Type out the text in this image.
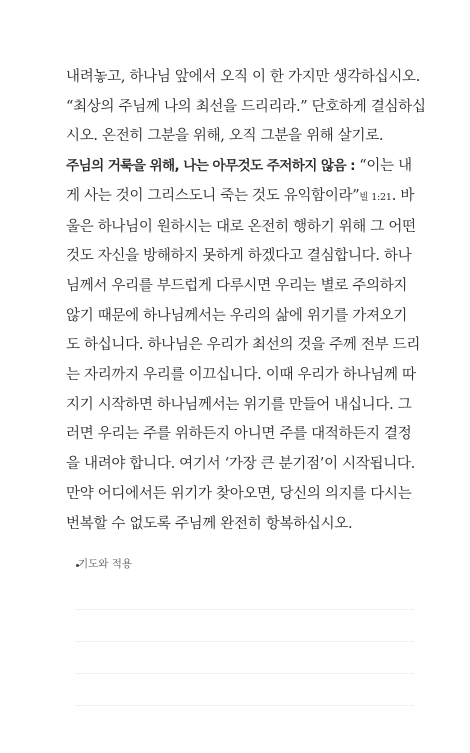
내려놓고, 하나님 앞에서 오직 이 한 가지만 생각하십시오.
“최상의 주님께 나의 최선을 드리리라.” 단호하게 결심하십
시오. 온전히 그분을 위해, 오직 그분을 위해 살기로.
주님의 거룩을 위해, 나는 아무것도 주저하지 않음 : “이는 내
게 사는 것이 그리스도니 죽는 것도 유익함이라”빌 1:21. 바
울은 하나님이 원하시는 대로 온전히 행하기 위해 그 어떤
것도 자신을 방해하지 못하게 하겠다고 결심합니다. 하나
님께서 우리를 부드럽게 다루시면 우리는 별로 주의하지
않기 때문에 하나님께서는 우리의 삶에 위기를 가져오기
도 하십니다. 하나님은 우리가 최선의 것을 주께 전부 드리
는 자리까지 우리를 이끄십니다. 이때 우리가 하나님께 따
지기 시작하면 하나님께서는 위기를 만들어 내십니다. 그
러면 우리는 주를 위하든지 아니면 주를 대적하든지 결정
을 내려야 합니다. 여기서 ‘가장 큰 분기점’이 시작됩니다.
만약 어디에서든 위기가 찾아오면, 당신의 의지를 다시는
번복할 수 없도록 주님께 완전히 항복하십시오.
기도와 적용
